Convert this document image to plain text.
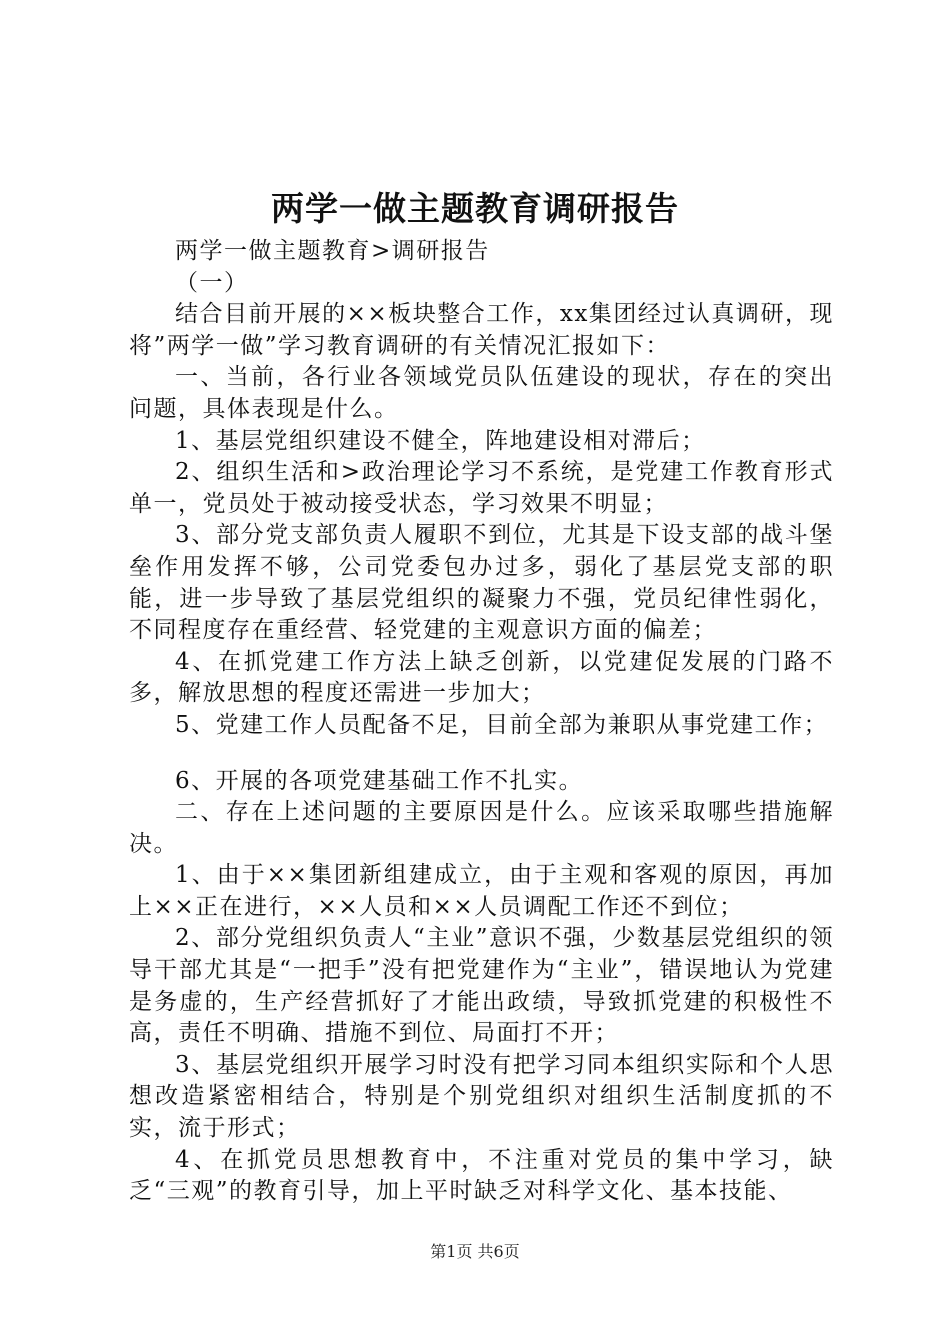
两学一做主题教育调研报告

两学一做主题教育>调研报告

（一）

结合目前开展的××板块整合工作，xx集团经过认真调研，现将”两学一做”学习教育调研的有关情况汇报如下：

一、当前，各行业各领域党员队伍建设的现状，存在的突出问题，具体表现是什么。

1、基层党组织建设不健全，阵地建设相对滞后；

2、组织生活和>政治理论学习不系统，是党建工作教育形式单一，党员处于被动接受状态，学习效果不明显；

3、部分党支部负责人履职不到位，尤其是下设支部的战斗堡垒作用发挥不够，公司党委包办过多，弱化了基层党支部的职能，进一步导致了基层党组织的凝聚力不强，党员纪律性弱化，不同程度存在重经营、轻党建的主观意识方面的偏差；

4、在抓党建工作方法上缺乏创新，以党建促发展的门路不多，解放思想的程度还需进一步加大；

5、党建工作人员配备不足，目前全部为兼职从事党建工作；

6、开展的各项党建基础工作不扎实。

二、存在上述问题的主要原因是什么。应该采取哪些措施解决。

1、由于××集团新组建成立，由于主观和客观的原因，再加上××正在进行，××人员和××人员调配工作还不到位；

2、部分党组织负责人“主业”意识不强，少数基层党组织的领导干部尤其是“一把手”没有把党建作为“主业”，错误地认为党建是务虚的，生产经营抓好了才能出政绩，导致抓党建的积极性不高，责任不明确、措施不到位、局面打不开；

3、基层党组织开展学习时没有把学习同本组织实际和个人思想改造紧密相结合，特别是个别党组织对组织生活制度抓的不实，流于形式；

4、在抓党员思想教育中，不注重对党员的集中学习，缺乏“三观”的教育引导，加上平时缺乏对科学文化、基本技能、

第1页 共6页
